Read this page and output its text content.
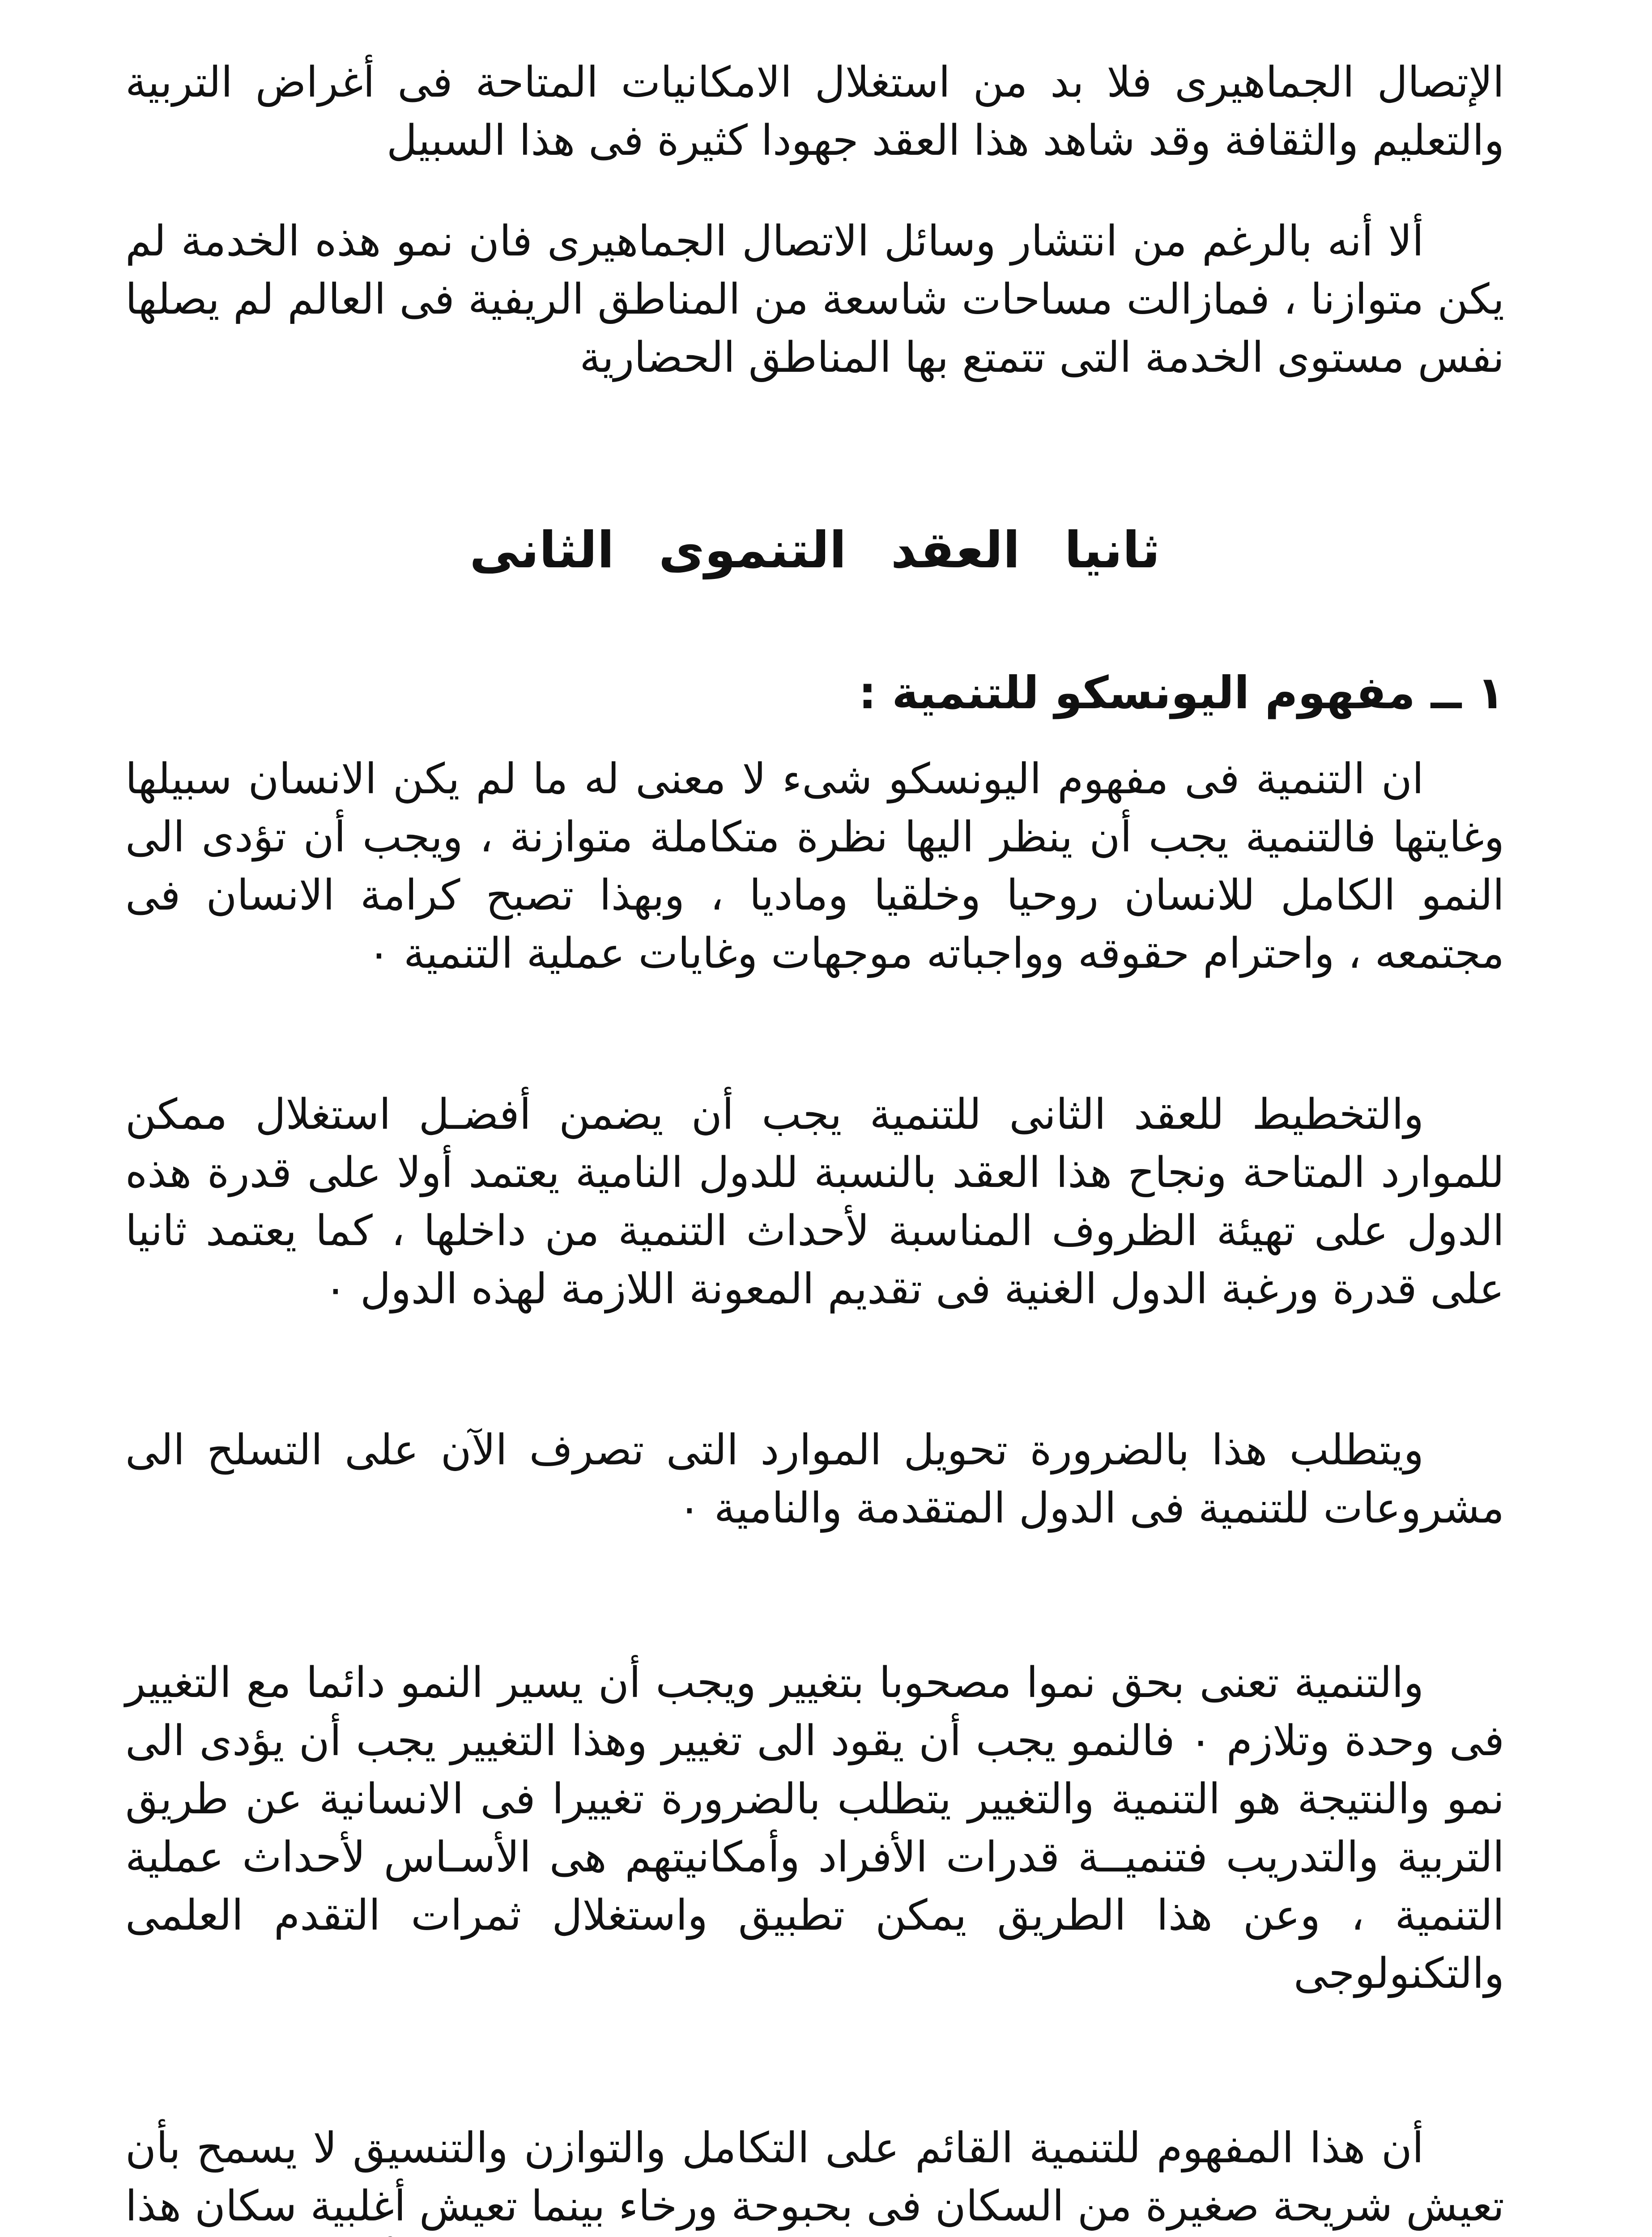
الإتصال الجماهيرى فلا بد من استغلال الامكانيات المتاحة فى أغراض التربية والتعليم والثقافة وقد شاهد هذا العقد جهودا كثيرة فى هذا السبيل

ألا أنه بالرغم من انتشار وسائل الاتصال الجماهيرى فان نمو هذه الخدمة لم يكن متوازنا ، فمازالت مساحات شاسعة من المناطق الريفية فى العالم لم يصلها نفس مستوى الخدمة التى تتمتع بها المناطق الحضارية

ثانيا العقد التنموى الثانى
١ ــ مفهوم اليونسكو للتنمية :

ان التنمية فى مفهوم اليونسكو شىء لا معنى له ما لم يكن الانسان سبيلها وغايتها فالتنمية يجب أن ينظر اليها نظرة متكاملة متوازنة ، ويجب أن تؤدى الى النمو الكامل للانسان روحيا وخلقيا وماديا ، وبهذا تصبح كرامة الانسان فى مجتمعه ، واحترام حقوقه وواجباته موجهات وغايات عملية التنمية ٠

والتخطيط للعقد الثانى للتنمية يجب أن يضمن أفضـل استغلال ممكن للموارد المتاحة ونجاح هذا العقد بالنسبة للدول النامية يعتمد أولا على قدرة هذه الدول على تهيئة الظروف المناسبة لأحداث التنمية من داخلها ، كما يعتمد ثانيا على قدرة ورغبة الدول الغنية فى تقديم المعونة اللازمة لهذه الدول ٠

ويتطلب هذا بالضرورة تحويل الموارد التى تصرف الآن على التسلح الى مشروعات للتنمية فى الدول المتقدمة والنامية ٠

والتنمية تعنى بحق نموا مصحوبا بتغيير ويجب أن يسير النمو دائما مع التغيير فى وحدة وتلازم ٠ فالنمو يجب أن يقود الى تغيير وهذا التغيير يجب أن يؤدى الى نمو والنتيجة هو التنمية والتغيير يتطلب بالضرورة تغييرا فى الانسانية عن طريق التربية والتدريب فتنميــة قدرات الأفراد وأمكانيتهم هى الأسـاس لأحداث عملية التنمية ، وعن هذا الطريق يمكن تطبيق واستغلال ثمرات التقدم العلمى والتكنولوجى

أن هذا المفهوم للتنمية القائم على التكامل والتوازن والتنسيق لا يسمح بأن تعيش شريحة صغيرة من السكان فى بحبوحة ورخاء بينما تعيش أغلبية سكان هذا
